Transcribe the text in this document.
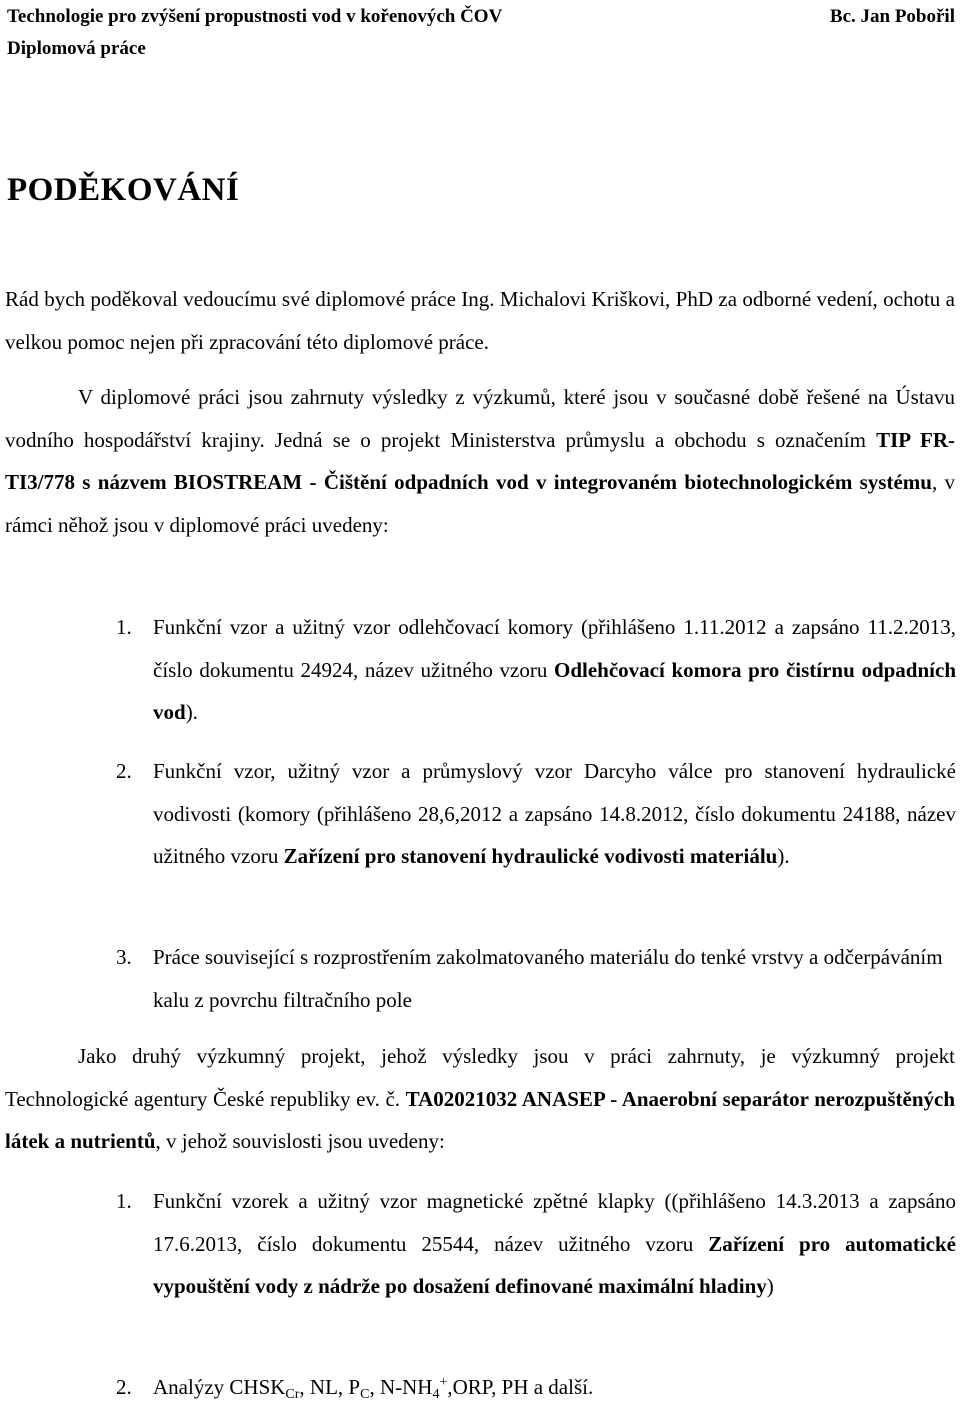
Technologie pro zvýšení propustnosti vod v kořenových ČOV	Bc. Jan Pobořil
Diplomová práce
PODĚKOVÁNÍ

Rád bych poděkoval vedoucímu své diplomové práce Ing. Michalovi Kriškovi, PhD za odborné vedení, ochotu a velkou pomoc nejen při zpracování této diplomové práce.

V diplomové práci jsou zahrnuty výsledky z výzkumů, které jsou v současné době řešené na Ústavu vodního hospodářství krajiny. Jedná se o projekt Ministerstva průmyslu a obchodu s označením TIP FR-TI3/778 s názvem BIOSTREAM - Čištění odpadních vod v integrovaném biotechnologickém systému, v rámci něhož jsou v diplomové práci uvedeny:

1.	Funkční vzor a užitný vzor odlehčovací komory (přihlášeno 1.11.2012 a zapsáno 11.2.2013, číslo dokumentu 24924, název užitného vzoru Odlehčovací komora pro čistírnu odpadních vod).

2.	Funkční vzor, užitný vzor a průmyslový vzor Darcyho válce pro stanovení hydraulické vodivosti (komory (přihlášeno 28,6,2012 a zapsáno 14.8.2012, číslo dokumentu 24188, název užitného vzoru Zařízení pro stanovení hydraulické vodivosti materiálu).

3.	Práce související s rozprostřením zakolmatovaného materiálu do tenké vrstvy a odčerpáváním kalu z povrchu filtračního pole

Jako druhý výzkumný projekt, jehož výsledky jsou v práci zahrnuty, je výzkumný projekt Technologické agentury České republiky ev. č. TA02021032 ANASEP - Anaerobní separátor nerozpuštěných látek a nutrientů, v jehož souvislosti jsou uvedeny:

1.	Funkční vzorek a užitný vzor magnetické zpětné klapky ((přihlášeno 14.3.2013 a zapsáno 17.6.2013, číslo dokumentu 25544, název užitného vzoru Zařízení pro automatické vypouštění vody z nádrže po dosažení definované maximální hladiny)

2.	Analýzy $CHSK_{Cr}$, NL, $P_C$, $N-NH_4^+,ORP$, PH a další.
